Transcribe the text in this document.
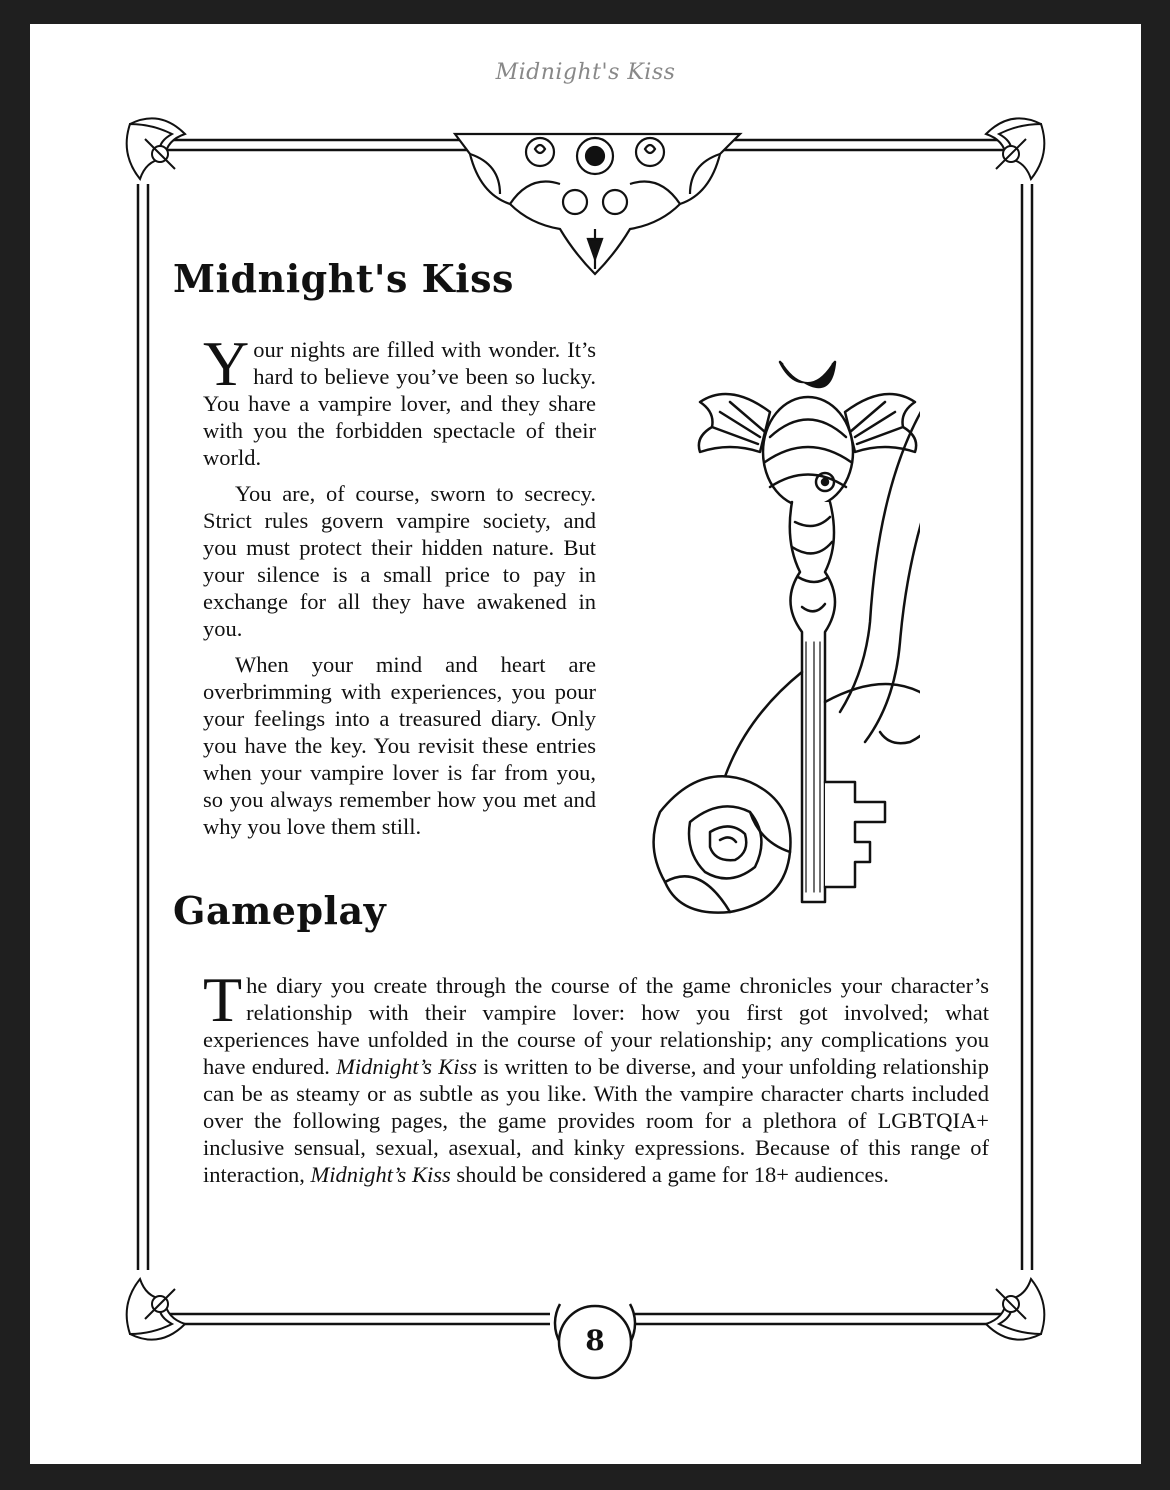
Midnight's Kiss
Midnight's Kiss

Your nights are filled with wonder. It’s hard to believe you’ve been so lucky. You have a vampire lover, and they share with you the forbidden spectacle of their world.

You are, of course, sworn to secrecy. Strict rules govern vampire society, and you must protect their hidden nature. But your silence is a small price to pay in exchange for all they have awakened in you.

When your mind and heart are overbrimming with experiences, you pour your feelings into a treasured diary. Only you have the key. You revisit these entries when your vampire lover is far from you, so you always remember how you met and why you love them still.

Gameplay

The diary you create through the course of the game chronicles your character’s relationship with their vampire lover: how you first got involved; what experiences have unfolded in the course of your relationship; any complications you have endured. Midnight’s Kiss is written to be diverse, and your unfolding relationship can be as steamy or as subtle as you like. With the vampire character charts included over the following pages, the game provides room for a plethora of LGBTQIA+ inclusive sensual, sexual, asexual, and kinky expressions. Because of this range of interaction, Midnight’s Kiss should be considered a game for 18+ audiences.

8
